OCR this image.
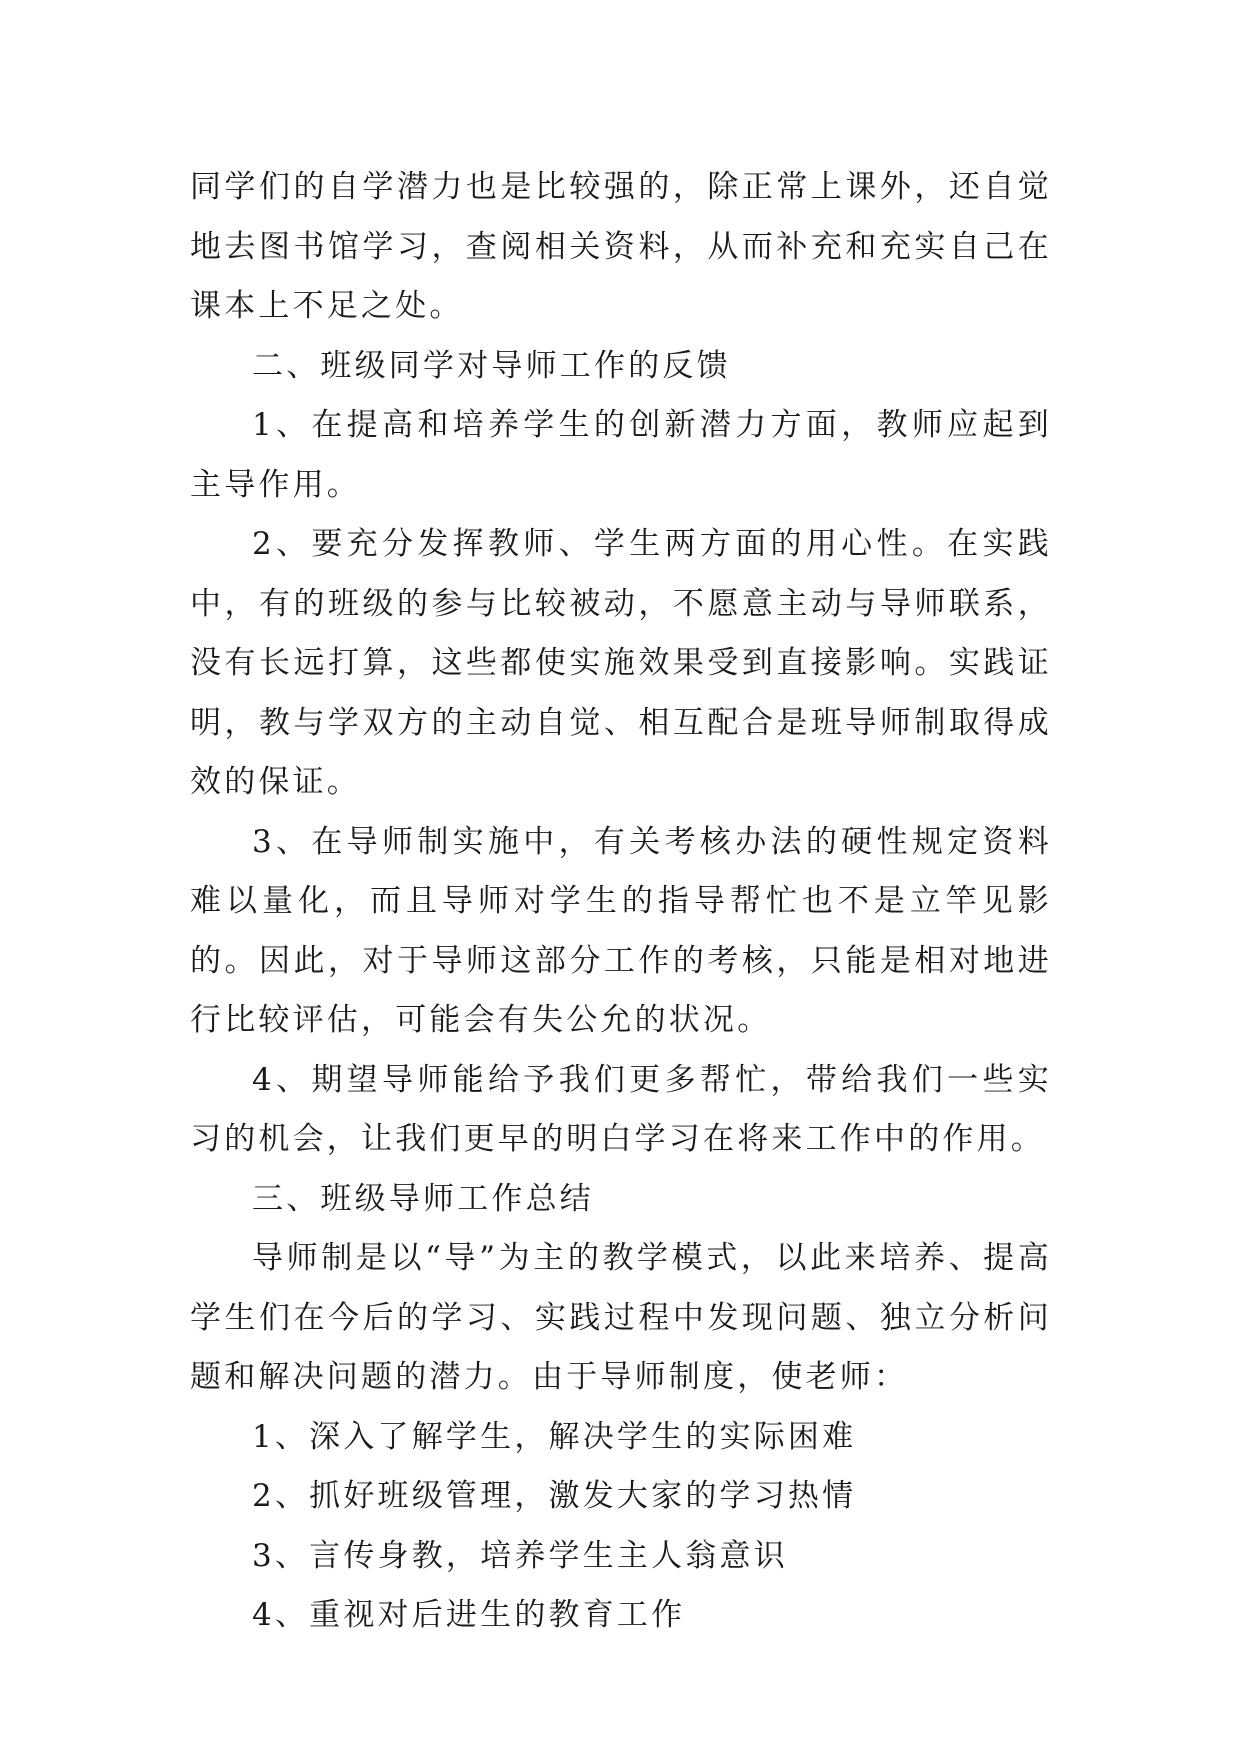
同学们的自学潜力也是比较强的，除正常上课外，还自觉地去图书馆学习，查阅相关资料，从而补充和充实自己在课本上不足之处。

二、班级同学对导师工作的反馈

1、在提高和培养学生的创新潜力方面，教师应起到主导作用。

2、要充分发挥教师、学生两方面的用心性。在实践中，有的班级的参与比较被动，不愿意主动与导师联系，没有长远打算，这些都使实施效果受到直接影响。实践证明，教与学双方的主动自觉、相互配合是班导师制取得成效的保证。

3、在导师制实施中，有关考核办法的硬性规定资料难以量化，而且导师对学生的指导帮忙也不是立竿见影的。因此，对于导师这部分工作的考核，只能是相对地进行比较评估，可能会有失公允的状况。

4、期望导师能给予我们更多帮忙，带给我们一些实习的机会，让我们更早的明白学习在将来工作中的作用。

三、班级导师工作总结

导师制是以“导”为主的教学模式，以此来培养、提高学生们在今后的学习、实践过程中发现问题、独立分析问题和解决问题的潜力。由于导师制度，使老师：

1、深入了解学生，解决学生的实际困难

2、抓好班级管理，激发大家的学习热情

3、言传身教，培养学生主人翁意识

4、重视对后进生的教育工作
